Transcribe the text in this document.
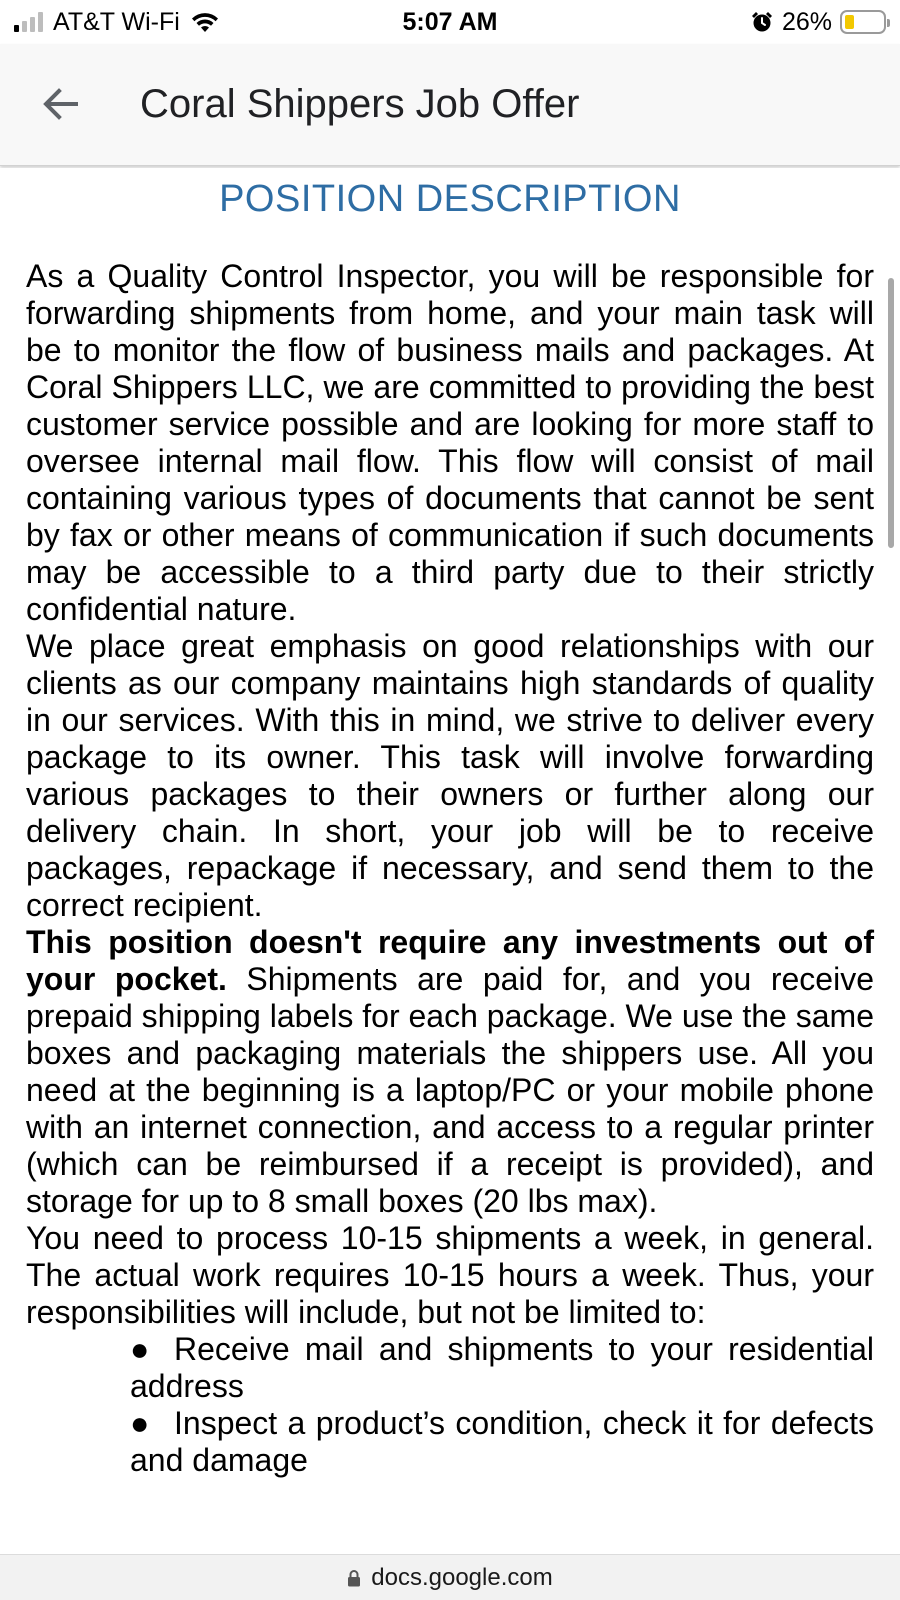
AT&T Wi-Fi	5:07 AM	26%
Coral Shippers Job Offer
POSITION DESCRIPTION

As a Quality Control Inspector, you will be responsible for forwarding shipments from home, and your main task will be to monitor the flow of business mails and packages. At Coral Shippers LLC, we are committed to providing the best customer service possible and are looking for more staff to oversee internal mail flow. This flow will consist of mail containing various types of documents that cannot be sent by fax or other means of communication if such documents may be accessible to a third party due to their strictly confidential nature.

We place great emphasis on good relationships with our clients as our company maintains high standards of quality in our services. With this in mind, we strive to deliver every package to its owner. This task will involve forwarding various packages to their owners or further along our delivery chain. In short, your job will be to receive packages, repackage if necessary, and send them to the correct recipient.

This position doesn't require any investments out of your pocket. Shipments are paid for, and you receive prepaid shipping labels for each package. We use the same boxes and packaging materials the shippers use. All you need at the beginning is a laptop/PC or your mobile phone with an internet connection, and access to a regular printer (which can be reimbursed if a receipt is provided), and storage for up to 8 small boxes (20 lbs max).

You need to process 10-15 shipments a week, in general. The actual work requires 10-15 hours a week. Thus, your responsibilities will include, but not be limited to:

● Receive mail and shipments to your residential address
● Inspect a product’s condition, check it for defects and damage
docs.google.com
